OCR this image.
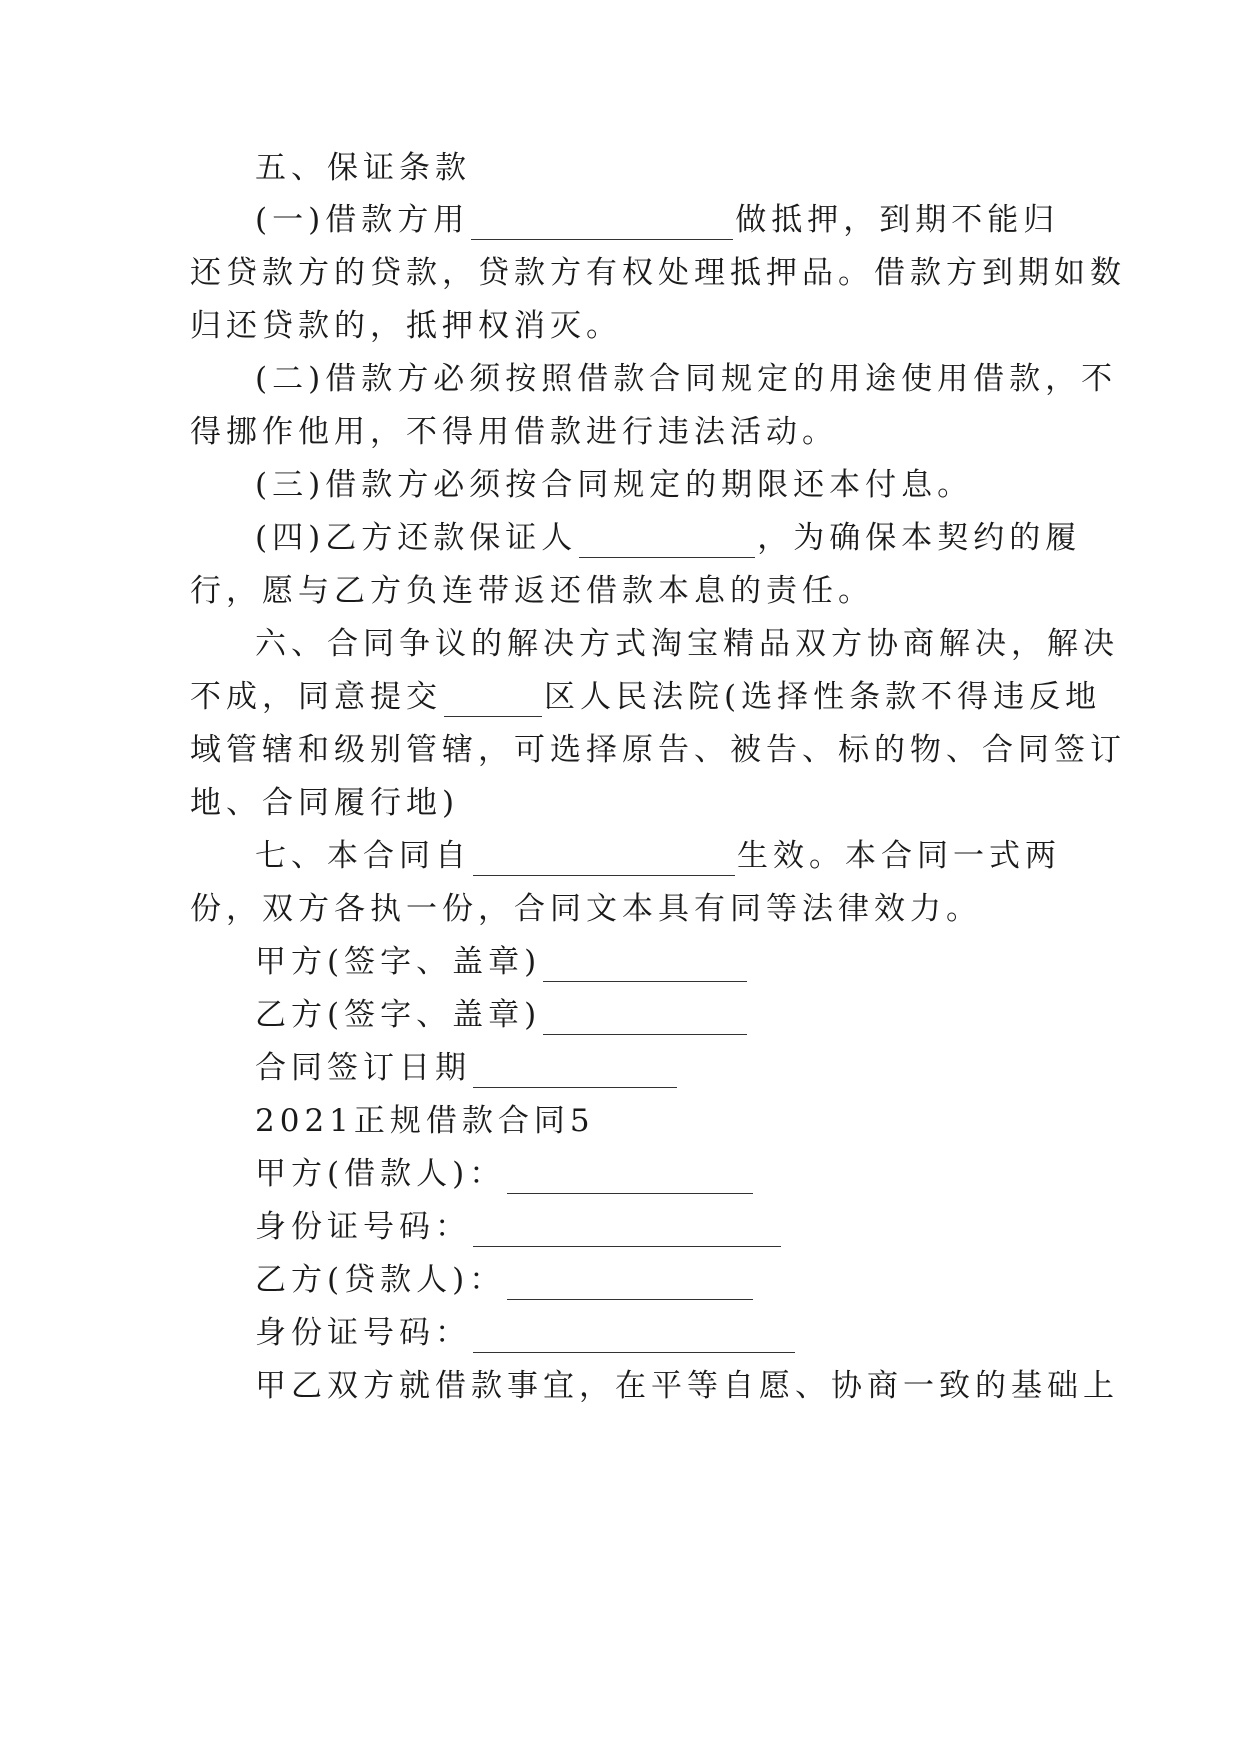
五、保证条款
(一)借款方用	做抵押，到期不能归
还贷款方的贷款，贷款方有权处理抵押品。借款方到期如数
归还贷款的，抵押权消灭。
(二)借款方必须按照借款合同规定的用途使用借款，不
得挪作他用，不得用借款进行违法活动。
(三)借款方必须按合同规定的期限还本付息。
(四)乙方还款保证人	，为确保本契约的履
行，愿与乙方负连带返还借款本息的责任。
六、合同争议的解决方式淘宝精品双方协商解决，解决
不成，同意提交	区人民法院(选择性条款不得违反地
域管辖和级别管辖，可选择原告、被告、标的物、合同签订
地、合同履行地)
七、本合同自	生效。本合同一式两
份，双方各执一份，合同文本具有同等法律效力。
甲方(签字、盖章)
乙方(签字、盖章)
合同签订日期
2021正规借款合同5
甲方(借款人)：
身份证号码：
乙方(贷款人)：
身份证号码：
甲乙双方就借款事宜，在平等自愿、协商一致的基础上
